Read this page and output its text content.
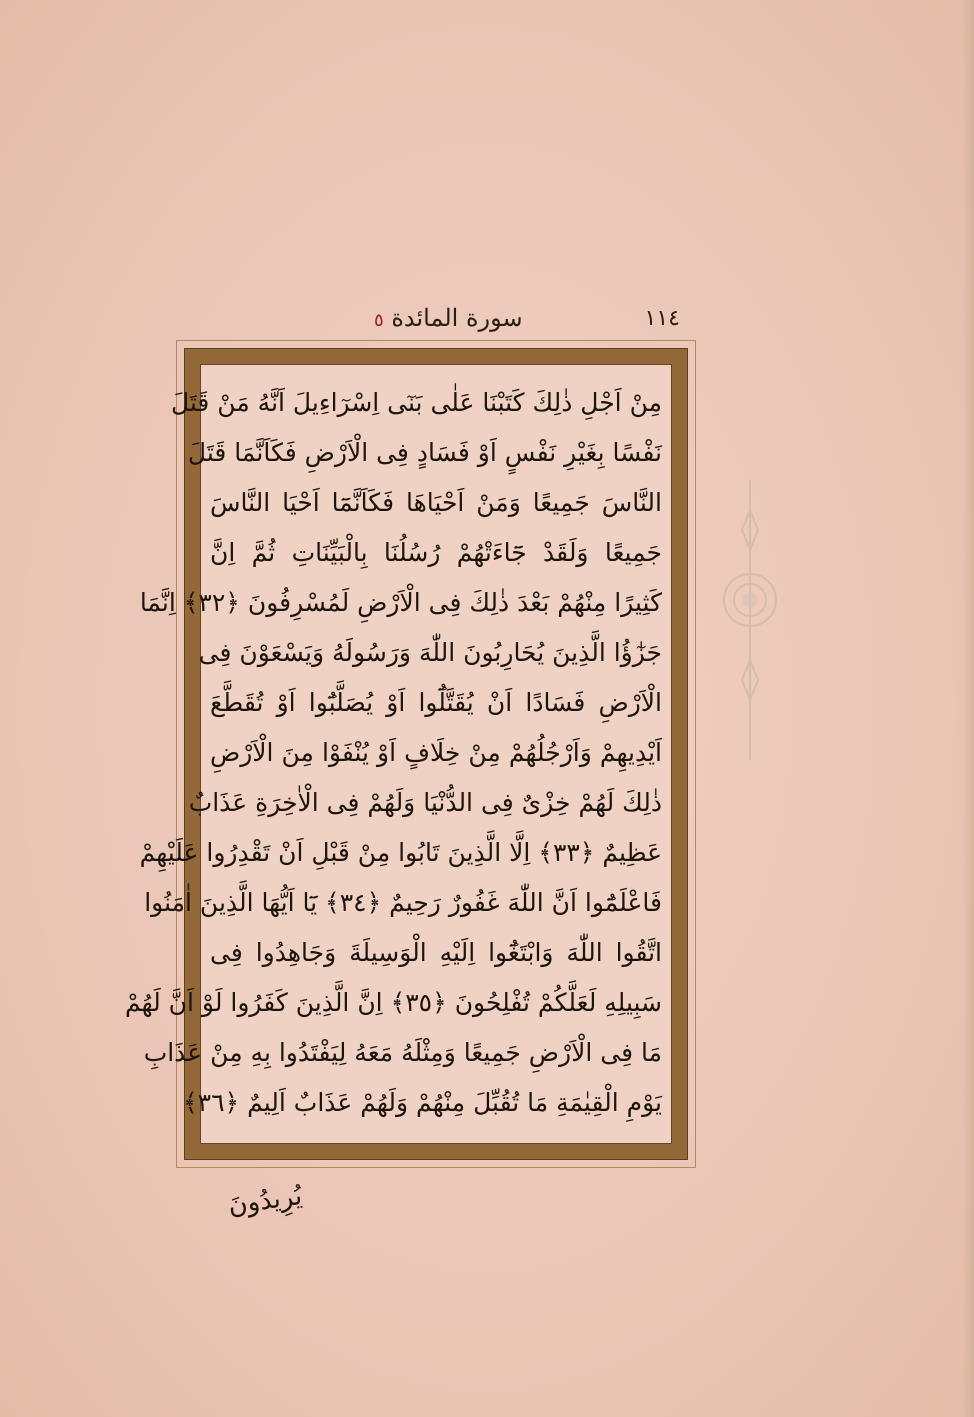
١١٤
سورة المائدة ٥
مِنْ اَجْلِ ذٰلِكَ كَتَبْنَا عَلٰى بَنٓى اِسْرٓاءِيلَ اَنَّهُ مَنْ قَتَلَ
نَفْسًا بِغَيْرِ نَفْسٍ اَوْ فَسَادٍ فِى الْاَرْضِ فَكَاَنَّمَا قَتَلَ
النَّاسَ جَمِيعًا وَمَنْ اَحْيَاهَا فَكَاَنَّمَٓا اَحْيَا النَّاسَ
جَمِيعًا وَلَقَدْ جَٓاءَتْهُمْ رُسُلُنَا بِالْبَيِّنَاتِ ثُمَّ اِنَّ
كَثِيرًا مِنْهُمْ بَعْدَ ذٰلِكَ فِى الْاَرْضِ لَمُسْرِفُونَ ﴿٣٢﴾ اِنَّمَا
جَزٰٓؤُا الَّذِينَ يُحَارِبُونَ اللّٰهَ وَرَسُولَهُ وَيَسْعَوْنَ فِى
الْاَرْضِ فَسَادًا اَنْ يُقَتَّلُٓوا اَوْ يُصَلَّبُٓوا اَوْ تُقَطَّعَ
اَيْدِيهِمْ وَاَرْجُلُهُمْ مِنْ خِلَافٍ اَوْ يُنْفَوْا مِنَ الْاَرْضِ
ذٰلِكَ لَهُمْ خِزْىٌ فِى الدُّنْيَا وَلَهُمْ فِى الْاٰخِرَةِ عَذَابٌ
عَظِيمٌ ﴿٣٣﴾ اِلَّا الَّذِينَ تَابُوا مِنْ قَبْلِ اَنْ تَقْدِرُوا عَلَيْهِمْ
فَاعْلَمُٓوا اَنَّ اللّٰهَ غَفُورٌ رَحِيمٌ ﴿٣٤﴾ يَٓا اَيُّهَا الَّذِينَ اٰمَنُوا
اتَّقُوا اللّٰهَ وَابْتَغُٓوا اِلَيْهِ الْوَسِيلَةَ وَجَاهِدُوا فِى
سَبِيلِهِ لَعَلَّكُمْ تُفْلِحُونَ ﴿٣٥﴾ اِنَّ الَّذِينَ كَفَرُوا لَوْ اَنَّ لَهُمْ
مَا فِى الْاَرْضِ جَمِيعًا وَمِثْلَهُ مَعَهُ لِيَفْتَدُوا بِهِ مِنْ عَذَابِ
يَوْمِ الْقِيٰمَةِ مَا تُقُبِّلَ مِنْهُمْ وَلَهُمْ عَذَابٌ اَلِيمٌ ﴿٣٦﴾
يُرِيدُونَ
